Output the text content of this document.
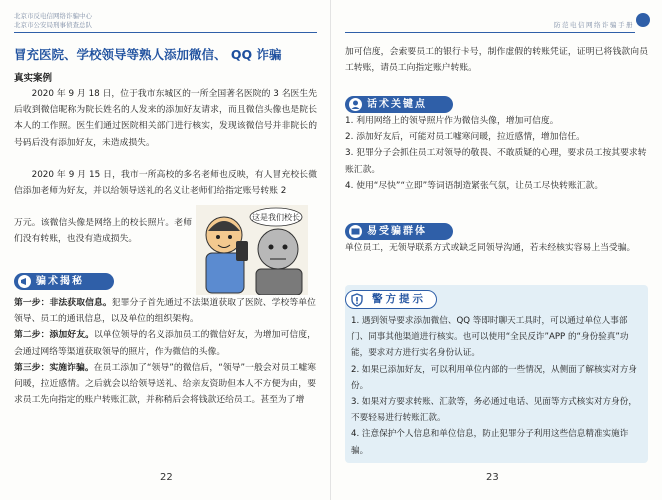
北京市反电信网络诈骗中心
北京市公安局刑事侦查总队
冒充医院、学校领导等熟人添加微信、 QQ 诈骗
真实案例
2020 年 9 月 18 日，位于我市东城区的一所全国著名医院的 3 名医生先后收到微信昵称为院长姓名的人发来的添加好友请求，而且微信头像也是院长本人的工作照。医生们通过医院相关部门进行核实，发现该微信号并非院长的号码后没有添加好友，未造成损失。
2020 年 9 月 15 日，我市一所高校的多名老师也反映，有人冒充校长微信添加老师为好友，并以给领导送礼的名义让老师们给指定账号转账 2
万元。该微信头像是网络上的校长照片。老师们没有转账，也没有造成损失。
这是我们校长
骗术揭秘

第一步：非法获取信息。犯罪分子首先通过不法渠道获取了医院、学校等单位领导、员工的通讯信息，以及单位的组织架构。

第二步：添加好友。以单位领导的名义添加员工的微信好友，为增加可信度，会通过网络等渠道获取领导的照片，作为微信的头像。

第三步：实施诈骗。在员工添加了“领导”的微信后，“领导”一般会对员工嘘寒问暖，拉近感情。之后就会以给领导送礼、给亲友资助但本人不方便为由，要求员工先向指定的账户转账汇款，并称稍后会将钱款还给员工。甚至为了增

22
防范电信网络诈骗手册
加可信度，会索要员工的银行卡号，制作虚假的转账凭证，证明已将钱款向员工转账，请员工向指定账户转账。
话术关键点

1. 利用网络上的领导照片作为微信头像，增加可信度。

2. 添加好友后，可能对员工嘘寒问暖，拉近感情，增加信任。

3. 犯罪分子会抓住员工对领导的敬畏、不敢质疑的心理，要求员工按其要求转账汇款。

4. 使用“尽快”“立即”等词语制造紧张气氛，让员工尽快转账汇款。

易受骗群体
单位员工，无领导联系方式或缺乏同领导沟通，若未经核实容易上当受骗。
警方提示

1. 遇到领导要求添加微信、QQ 等即时聊天工具时，可以通过单位人事部门、同事其他渠道进行核实。也可以使用“全民反诈”APP 的“身份验真”功能，要求对方进行实名身份认证。

2. 如果已添加好友，可以利用单位内部的一些情况，从侧面了解核实对方身份。

3. 如果对方要求转账、汇款等，务必通过电话、见面等方式核实对方身份，不要轻易进行转账汇款。

4. 注意保护个人信息和单位信息，防止犯罪分子利用这些信息精准实施诈骗。

23
